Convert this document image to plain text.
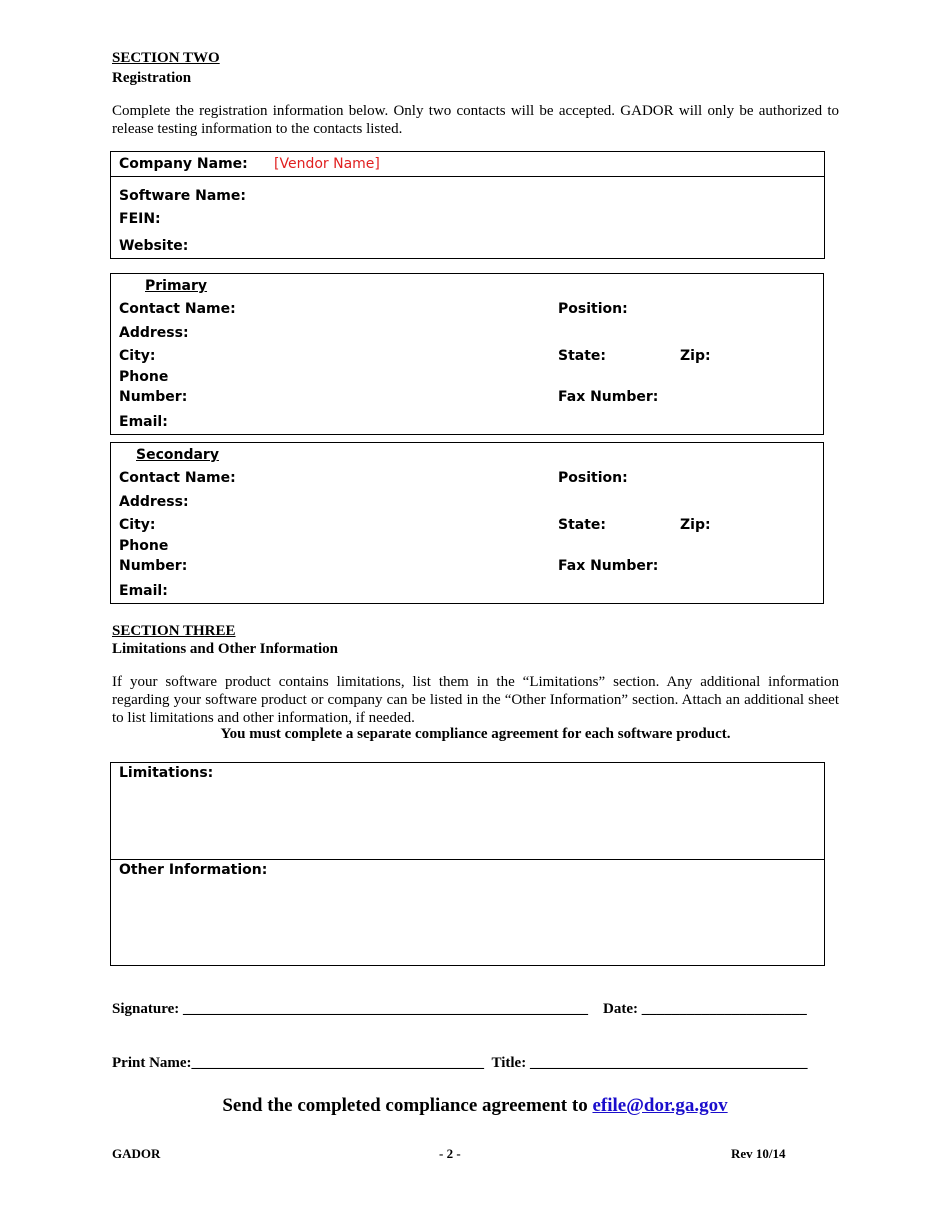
SECTION TWO
Registration
Complete the registration information below. Only two contacts will be accepted. GADOR will only be authorized to release testing information to the contacts listed.
Company Name: [Vendor Name]
Software Name:
FEIN:
Website:
Primary
Contact Name:	Position:
Address:
City:	State:	Zip:
Phone
Number:	Fax Number:
Email:
Secondary
Contact Name:	Position:
Address:
City:	State:	Zip:
Phone
Number:	Fax Number:
Email:
SECTION THREE
Limitations and Other Information
If your software product contains limitations, list them in the “Limitations” section. Any additional information regarding your software product or company can be listed in the “Other Information” section. Attach an additional sheet to list limitations and other information, if needed.
You must complete a separate compliance agreement for each software product.
Limitations:
Other Information:
Signature: ______________________________________________________ Date: ______________________
Print Name:_______________________________________ Title: _____________________________________
Send the completed compliance agreement to efile@dor.ga.gov
GADOR	- 2 -	Rev 10/14
